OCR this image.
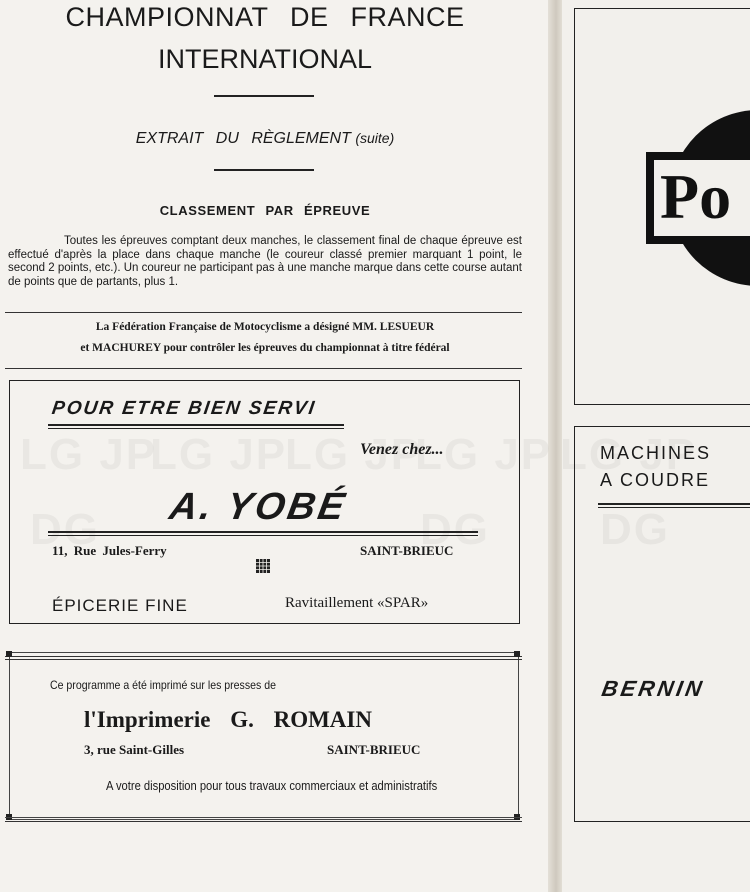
CHAMPIONNAT DE FRANCE
INTERNATIONAL
EXTRAIT DU RÈGLEMENT (suite)
CLASSEMENT PAR ÉPREUVE
Toutes les épreuves comptant deux manches, le classement final de chaque épreuve est effectué d'après la place dans chaque manche (le coureur classé premier marquant 1 point, le second 2 points, etc.). Un coureur ne participant pas à une manche marque dans cette course autant de points que de partants, plus 1.
La Fédération Française de Motocyclisme a désigné MM. LESUEUR
et MACHUREY pour contrôler les épreuves du championnat à titre fédéral
POUR ETRE BIEN SERVI
Venez chez...
A. YOBÉ
11, Rue Jules-Ferry	SAINT-BRIEUC
ÉPICERIE FINE	Ravitaillement «SPAR»
Ce programme a été imprimé sur les presses de
l'Imprimerie G. ROMAIN
3, rue Saint-Gilles	SAINT-BRIEUC
A votre disposition pour tous travaux commerciaux et administratifs
Po
MACHINES
A COUDRE
BERNIN
